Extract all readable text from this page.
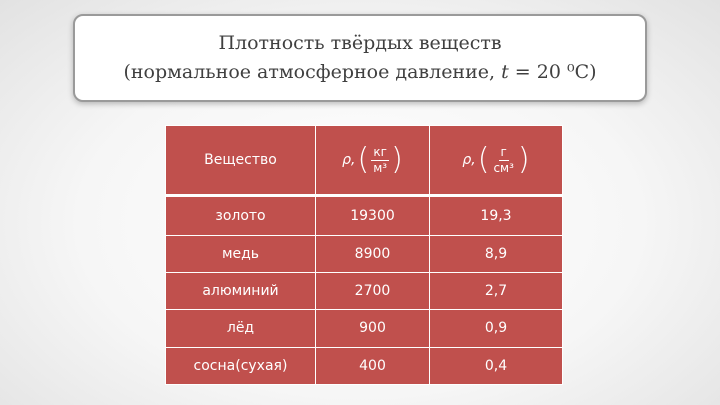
Плотность твёрдых веществ
(нормальное атмосферное давление, t = 20 ⁰C)
Вещество	ρ, ( $\frac{кг}{\text{м³}}$ )	ρ, ( $\frac{г}{\text{см³}}$ )

золото	19300	19,3
медь	8900	8,9
алюминий	2700	2,7
лёд	900	0,9
сосна(сухая)	400	0,4
